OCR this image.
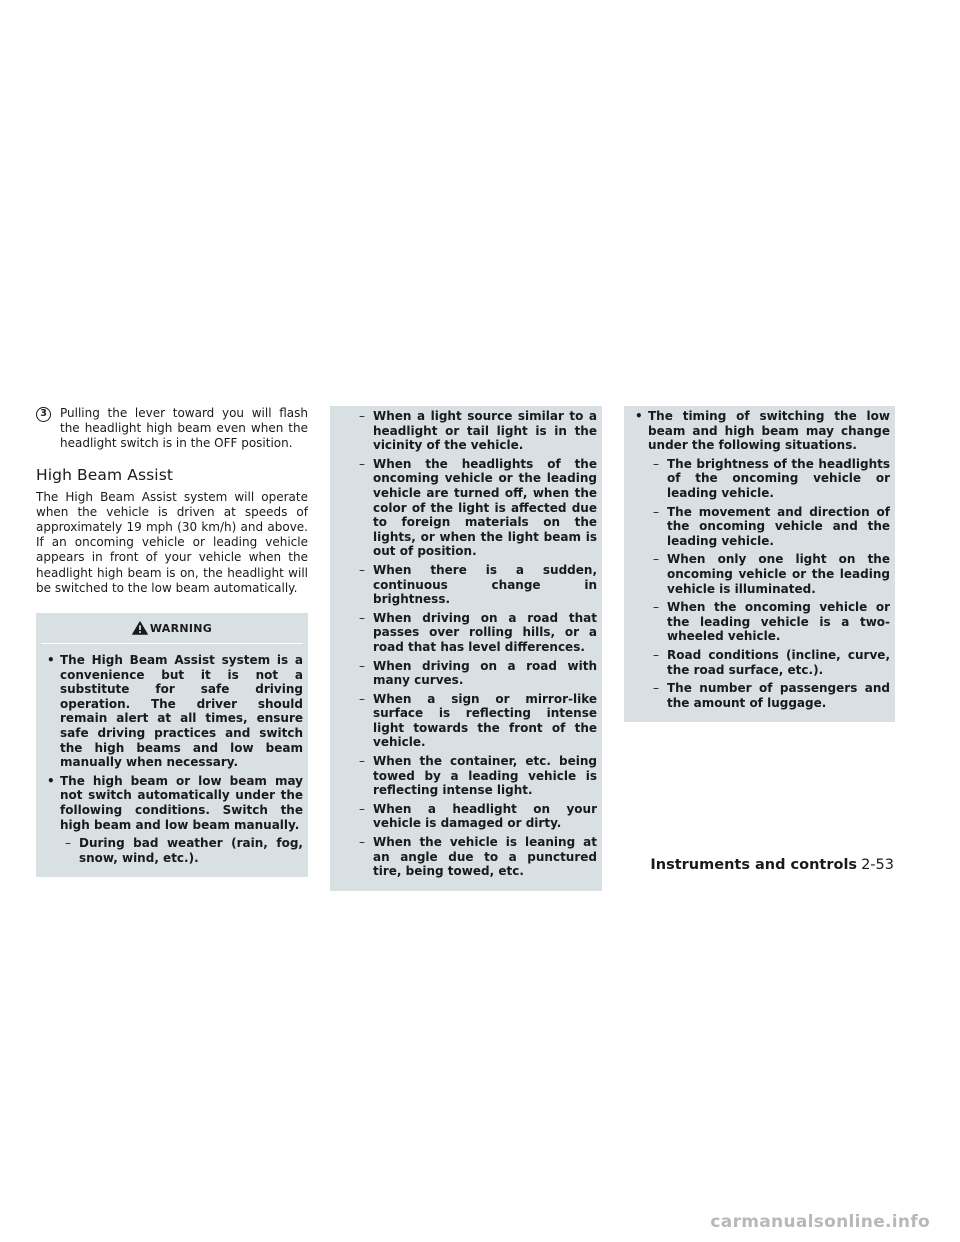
3	Pulling the lever toward you will flash the headlight high beam even when the headlight switch is in the OFF position.
High Beam Assist

The High Beam Assist system will operate when the vehicle is driven at speeds of approximately 19 mph (30 km/h) and above. If an oncoming vehicle or leading vehicle appears in front of your vehicle when the headlight high beam is on, the headlight will be switched to the low beam automatically.

WARNING
• The High Beam Assist system is a convenience but it is not a substitute for safe driving operation. The driver should remain alert at all times, ensure safe driving practices and switch the high beams and low beam manually when necessary.
• The high beam or low beam may not switch automatically under the following conditions. Switch the high beam and low beam manually.
– During bad weather (rain, fog, snow, wind, etc.).
– When a light source similar to a headlight or tail light is in the vicinity of the vehicle.
– When the headlights of the oncoming vehicle or the leading vehicle are turned off, when the color of the light is affected due to foreign materials on the lights, or when the light beam is out of position.
– When there is a sudden, continuous change in brightness.
– When driving on a road that passes over rolling hills, or a road that has level differences.
– When driving on a road with many curves.
– When a sign or mirror-like surface is reflecting intense light towards the front of the vehicle.
– When the container, etc. being towed by a leading vehicle is reflecting intense light.
– When a headlight on your vehicle is damaged or dirty.
– When the vehicle is leaning at an angle due to a punctured tire, being towed, etc.
• The timing of switching the low beam and high beam may change under the following situations.
– The brightness of the headlights of the oncoming vehicle or leading vehicle.
– The movement and direction of the oncoming vehicle and the leading vehicle.
– When only one light on the oncoming vehicle or the leading vehicle is illuminated.
– When the oncoming vehicle or the leading vehicle is a two-wheeled vehicle.
– Road conditions (incline, curve, the road surface, etc.).
– The number of passengers and the amount of luggage.
Instruments and controls 2-53
carmanualsonline.info
